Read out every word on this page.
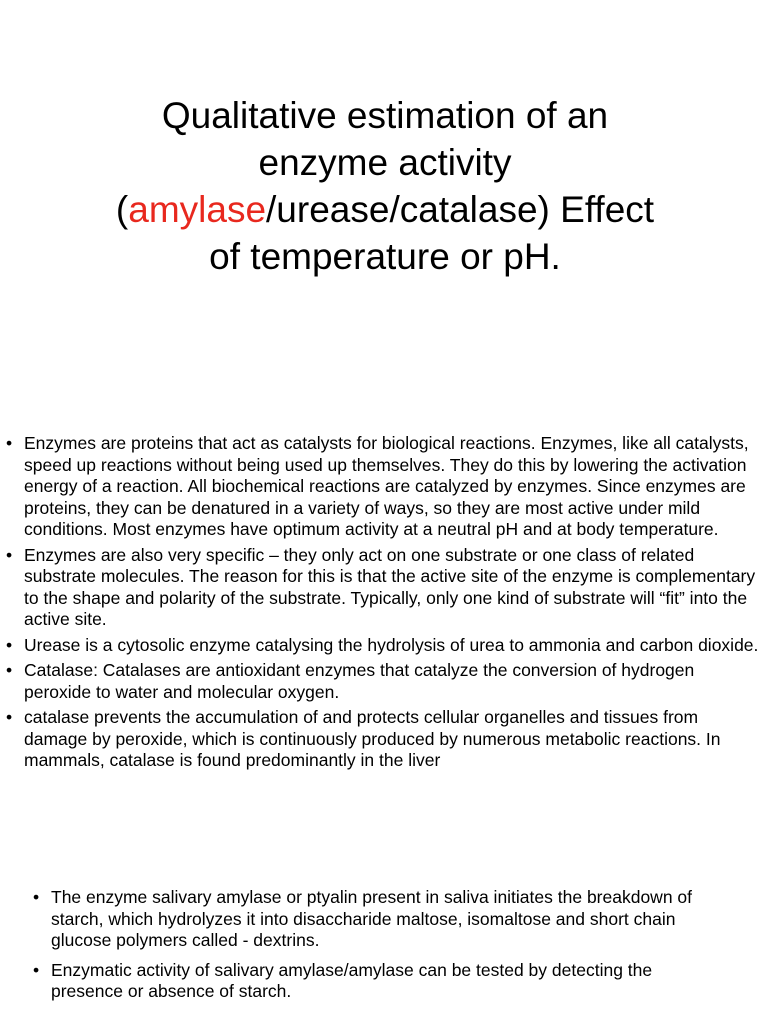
Qualitative estimation of an
enzyme activity
(amylase/urease/catalase) Effect
of temperature or pH.
• Enzymes are proteins that act as catalysts for biological reactions. Enzymes, like all catalysts, speed up reactions without being used up themselves. They do this by lowering the activation energy of a reaction. All biochemical reactions are catalyzed by enzymes. Since enzymes are proteins, they can be denatured in a variety of ways, so they are most active under mild conditions. Most enzymes have optimum activity at a neutral pH and at body temperature.
• Enzymes are also very specific – they only act on one substrate or one class of related substrate molecules. The reason for this is that the active site of the enzyme is complementary to the shape and polarity of the substrate. Typically, only one kind of substrate will “fit” into the active site.
• Urease is a cytosolic enzyme catalysing the hydrolysis of urea to ammonia and carbon dioxide.
• Catalase: Catalases are antioxidant enzymes that catalyze the conversion of hydrogen peroxide to water and molecular oxygen.
• catalase prevents the accumulation of and protects cellular organelles and tissues from damage by peroxide, which is continuously produced by numerous metabolic reactions. In mammals, catalase is found predominantly in the liver
• The enzyme salivary amylase or ptyalin present in saliva initiates the breakdown of starch, which hydrolyzes it into disaccharide maltose, isomaltose and short chain glucose polymers called - dextrins.
• Enzymatic activity of salivary amylase/amylase can be tested by detecting the presence or absence of starch.
